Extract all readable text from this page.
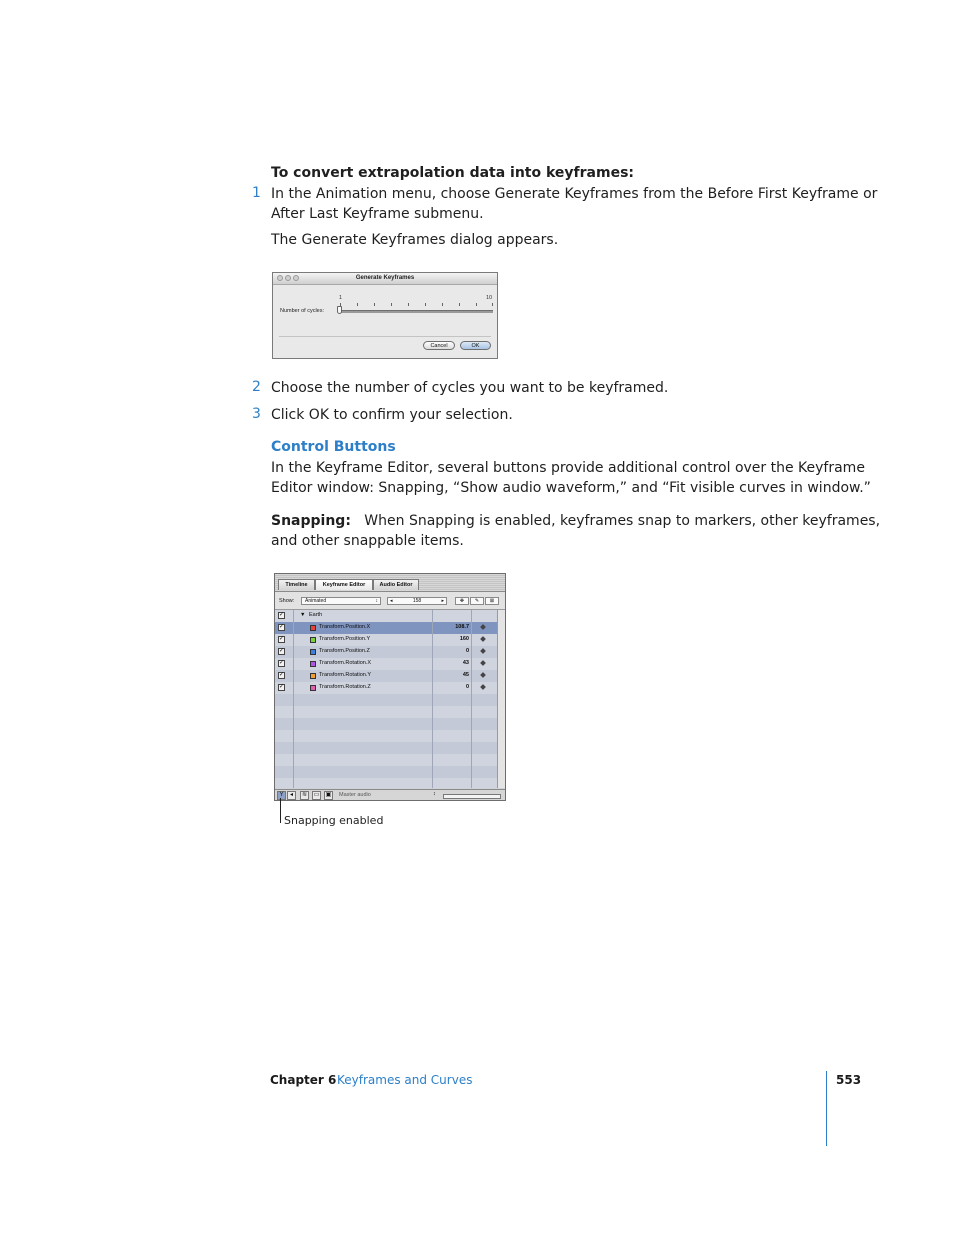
To convert extrapolation data into keyframes:
1 In the Animation menu, choose Generate Keyframes from the Before First Keyframe or
After Last Keyframe submenu.
The Generate Keyframes dialog appears.
Generate Keyframes
Number of cycles:
1	10
Cancel	OK
2 Choose the number of cycles you want to be keyframed.
3 Click OK to confirm your selection.
Control Buttons
In the Keyframe Editor, several buttons provide additional control over the Keyframe
Editor window: Snapping, “Show audio waveform,” and “Fit visible curves in window.”
Snapping: When Snapping is enabled, keyframes snap to markers, other keyframes,
and other snappable items.
Timeline	Keyframe Editor	Audio Editor
Show:	Animated	↕ ◂	158	▸	✥	✎	⊠
✓	▼ Earth
✓	Transform.Position.X	108.7
✓	Transform.Position.Y	160
✓	Transform.Position.Z	0
✓	Transform.Rotation.X	43
✓	Transform.Rotation.Y	45
✓	Transform.Rotation.Z	0
Y	◂	≋	▭ ▣	Master audio	↕
Snapping enabled
Chapter 6 Keyframes and Curves	553
